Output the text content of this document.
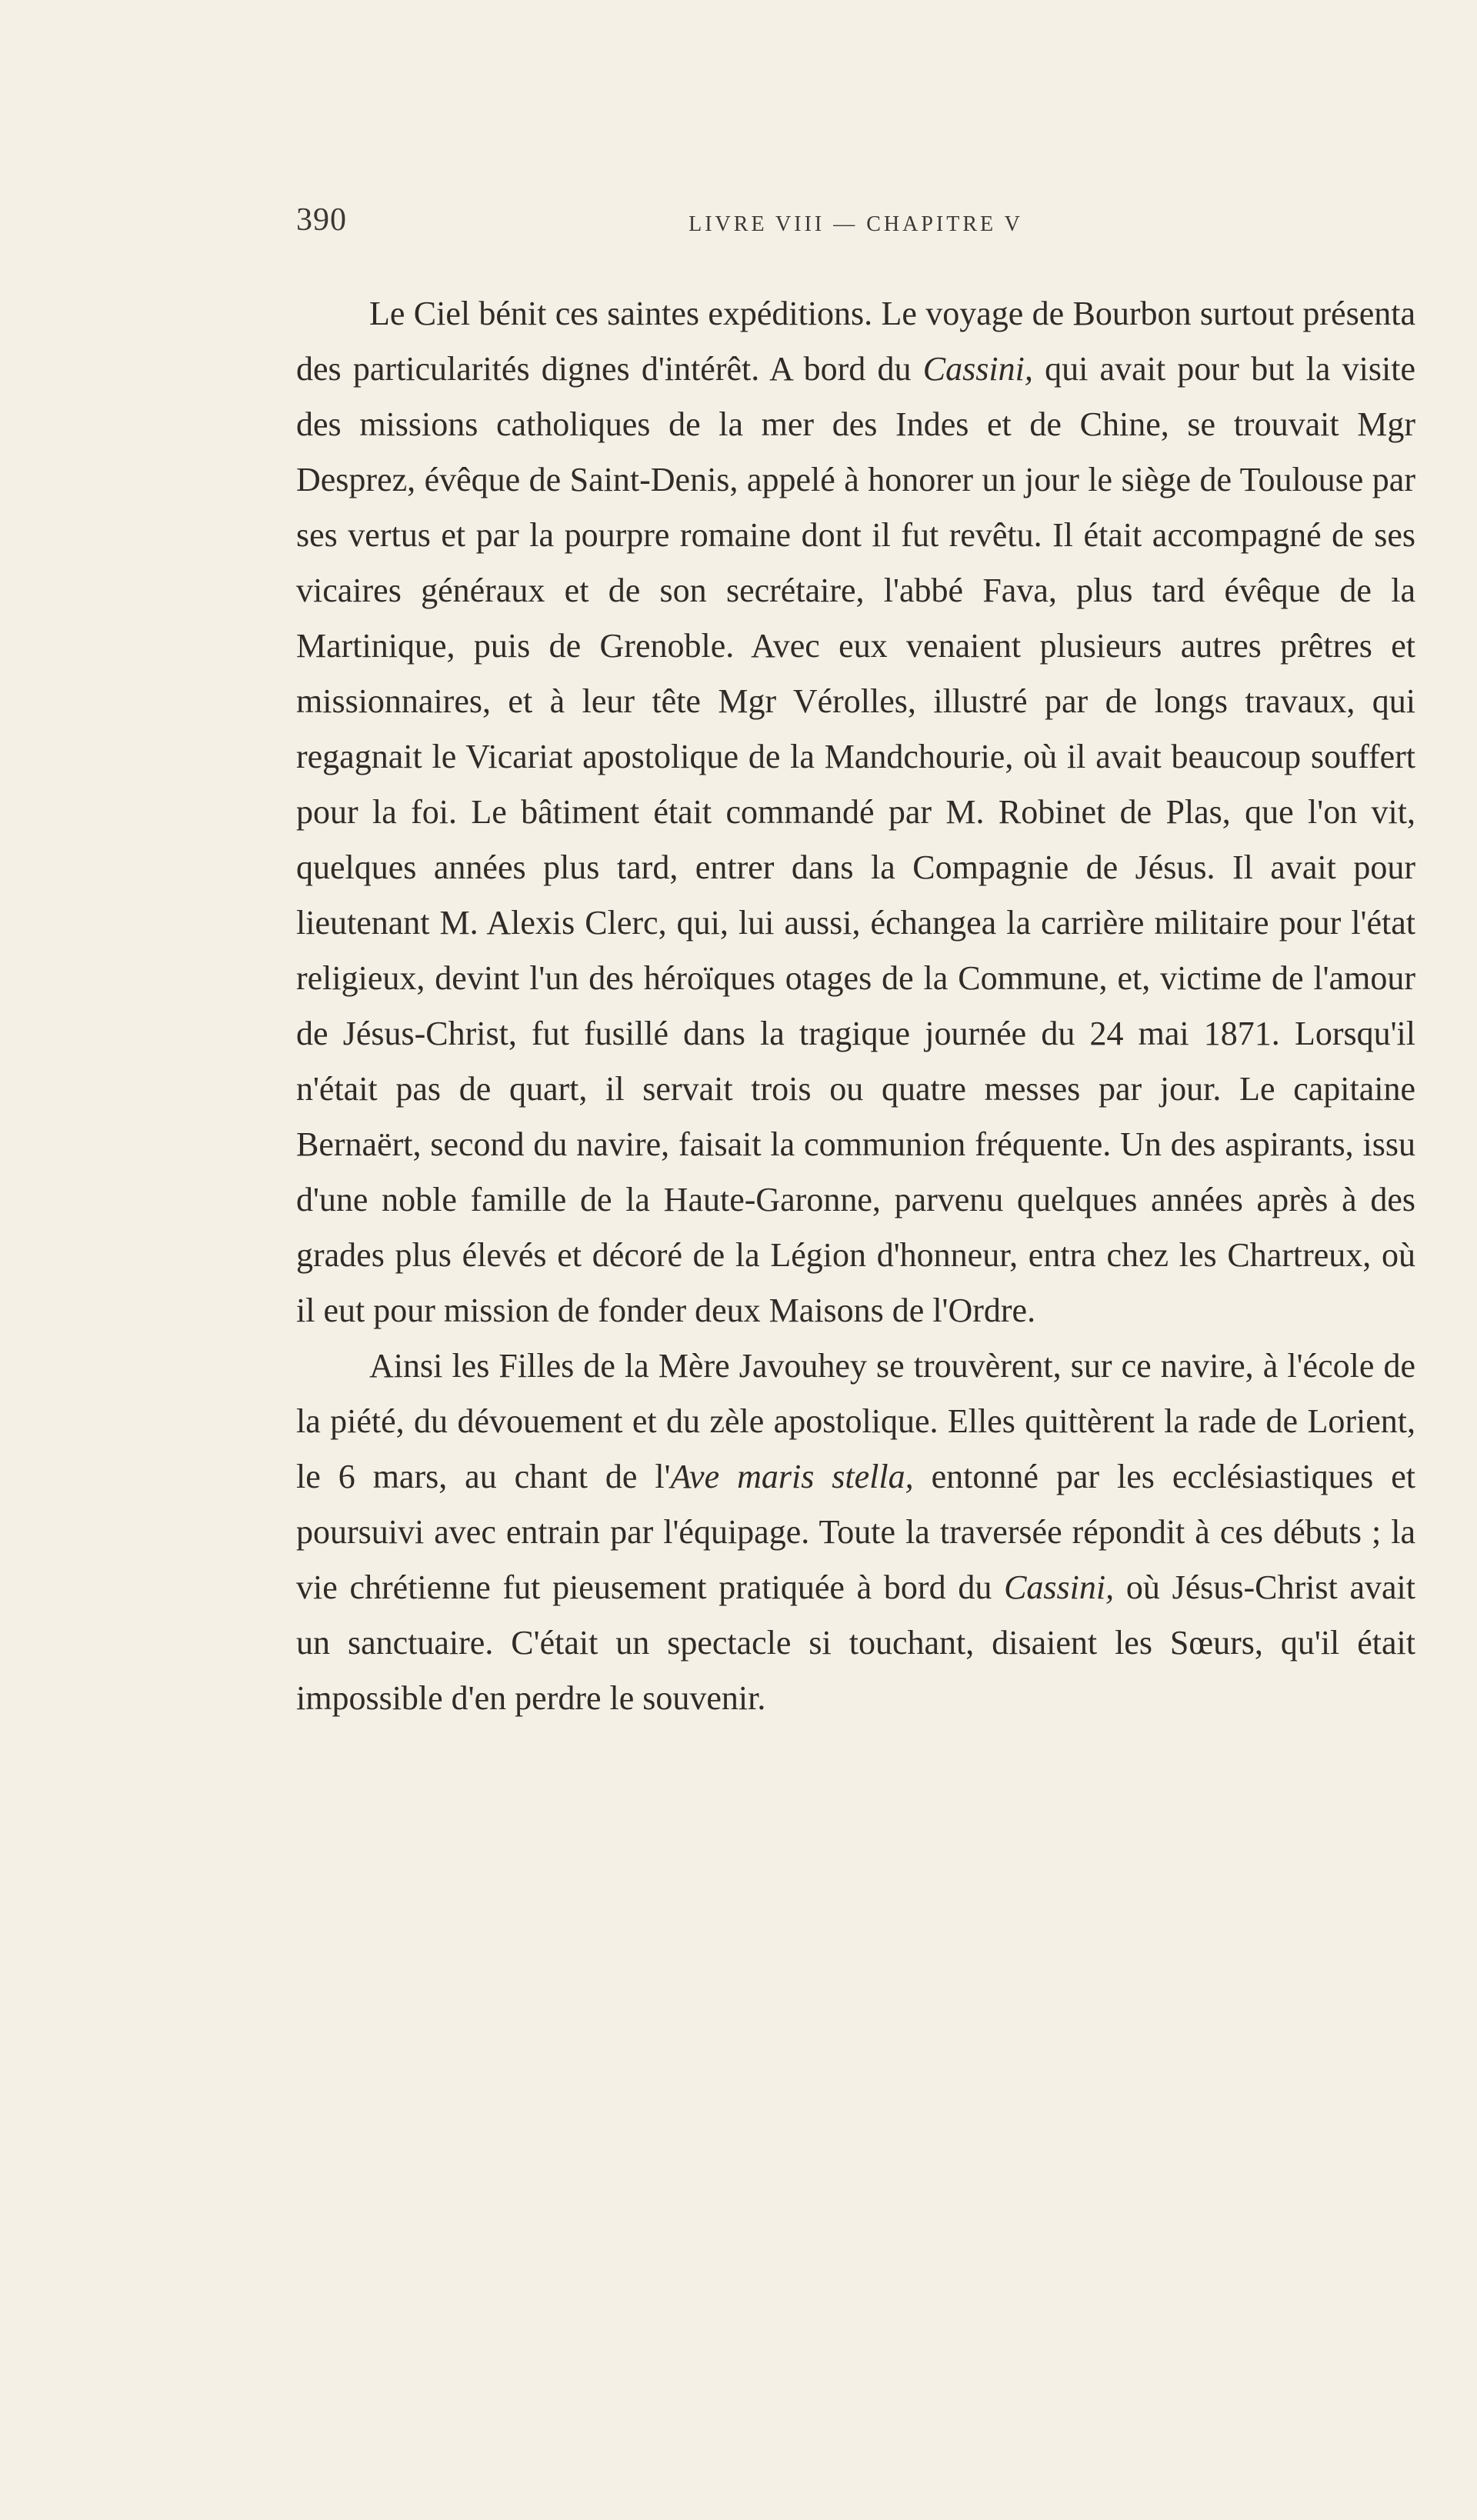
390	LIVRE VIII — CHAPITRE V

Le Ciel bénit ces saintes expéditions. Le voyage de Bourbon surtout présenta des particularités dignes d'intérêt. A bord du Cassini, qui avait pour but la visite des missions catholiques de la mer des Indes et de Chine, se trouvait Mgr Desprez, évêque de Saint-Denis, appelé à honorer un jour le siège de Toulouse par ses vertus et par la pourpre romaine dont il fut revêtu. Il était accompagné de ses vicaires généraux et de son secrétaire, l'abbé Fava, plus tard évêque de la Martinique, puis de Grenoble. Avec eux venaient plusieurs autres prêtres et missionnaires, et à leur tête Mgr Vérolles, illustré par de longs travaux, qui regagnait le Vicariat apostolique de la Mandchourie, où il avait beaucoup souffert pour la foi. Le bâtiment était commandé par M. Robinet de Plas, que l'on vit, quelques années plus tard, entrer dans la Compagnie de Jésus. Il avait pour lieutenant M. Alexis Clerc, qui, lui aussi, échangea la carrière militaire pour l'état religieux, devint l'un des héroïques otages de la Commune, et, victime de l'amour de Jésus-Christ, fut fusillé dans la tragique journée du 24 mai 1871. Lorsqu'il n'était pas de quart, il servait trois ou quatre messes par jour. Le capitaine Bernaërt, second du navire, faisait la communion fréquente. Un des aspirants, issu d'une noble famille de la Haute-Garonne, parvenu quelques années après à des grades plus élevés et décoré de la Légion d'honneur, entra chez les Chartreux, où il eut pour mission de fonder deux Maisons de l'Ordre.

Ainsi les Filles de la Mère Javouhey se trouvèrent, sur ce navire, à l'école de la piété, du dévouement et du zèle apostolique. Elles quittèrent la rade de Lorient, le 6 mars, au chant de l'Ave maris stella, entonné par les ecclésiastiques et poursuivi avec entrain par l'équipage. Toute la traversée répondit à ces débuts ; la vie chrétienne fut pieusement pratiquée à bord du Cassini, où Jésus-Christ avait un sanctuaire. C'était un spectacle si touchant, disaient les Sœurs, qu'il était impossible d'en perdre le souvenir.
